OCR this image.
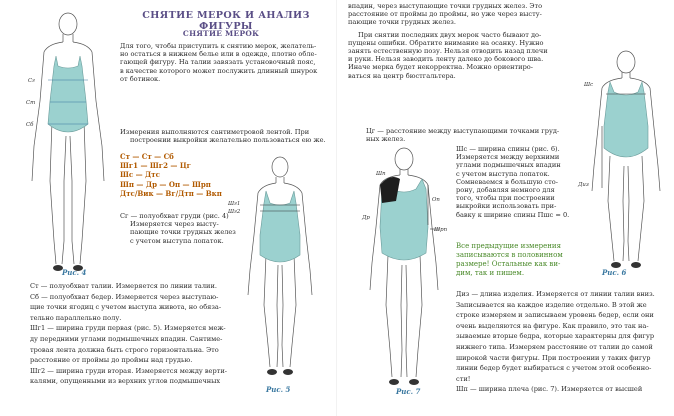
СНЯТИЕ МЕРОК И АНАЛИЗ ФИГУРЫ
СНЯТИЕ МЕРОК
Для того, чтобы приступить к снятию мерок, желатель-
но остаться в нижнем белье или в одежде, плотно обле-
гающей фигуру. На талии завязать установочный пояс,
в качестве которого может послужить длинный шнурок
от ботинок.
Измерения выполняются сантиметровой лентой. При
построении выкройки желательно пользоваться ею же.
Ст — Ст — Сб
Шг1 — Шг2 — Цг
Шс — Дтс
Шп — Др — Оп — Шрп
Дтс/Вик — Вг/Дтп — Вкп
Сг — полуобхват груди (рис. 4)
Измеряется через высту-
пающие точки грудных желез
с учетом выступа лопаток.
Ст — полуобхват талии. Измеряется по линии талии.
Сб — полуобхват бедер. Измеряется через выступаю-
щие точки ягодиц с учетом выступа живота, но обяза-
тельно параллельно полу.
Шг1 — ширина груди первая (рис. 5). Измеряется меж-
ду передними углами подмышечных впадин. Сантиме-
тровая лента должна быть строго горизонтальна. Это
расстояние от проймы до проймы над грудью.
Шг2 — ширина груди вторая. Измеряется между верти-
калями, опущенными из верхних углов подмышечных
Сг
Ст
Сб
Рис. 4
Шг1
Шг2
Рис. 5
впадин, через выступающие точки грудных желез. Это
расстояние от проймы до проймы, но уже через высту-
пающие точки грудных желез.
При снятии последних двух мерок часто бывают до-
пущены ошибки. Обратите внимание на осанку. Нужно
занять естественную позу. Нельзя отводить назад плечи
и руки. Нельзя заводить ленту далеко до бокового шва.
Иначе мерка будет некорректна. Можно ориентиро-
ваться на центр бюстгальтера.
Цг — расстояние между выступающими точками груд-
ных желез.
Шс — ширина спины (рис. 6).
Измеряется между верхними
углами подмышечных впадин
с учетом выступа лопаток.
Сомневаемся в большую сто-
рону, добавляя немного для
того, чтобы при построении
выкройки использовать при-
бавку к ширине спины Пшс = 0.
Все предыдущие измерения
записываются в половинном
размере! Остальные как ви-
дим, так и пишем.
Диз — длина изделия. Измеряется от линии талии вниз.
Записывается на каждое изделие отдельно. В этой же
строке измеряем и записываем уровень бедер, если они
очень выделяются на фигуре. Как правило, это так на-
зываемые вторые бедра, которые характерны для фигур
нижнего типа. Измеряем расстояние от талии до самой
широкой части фигуры. При построении у таких фигур
линии бедер будет выбираться с учетом этой особенно-
сти!
Шп — ширина плеча (рис. 7). Измеряется от высшей
Шп
Оп
Др
Шрп
Рис. 7
Шс
Диз
Рис. 6
